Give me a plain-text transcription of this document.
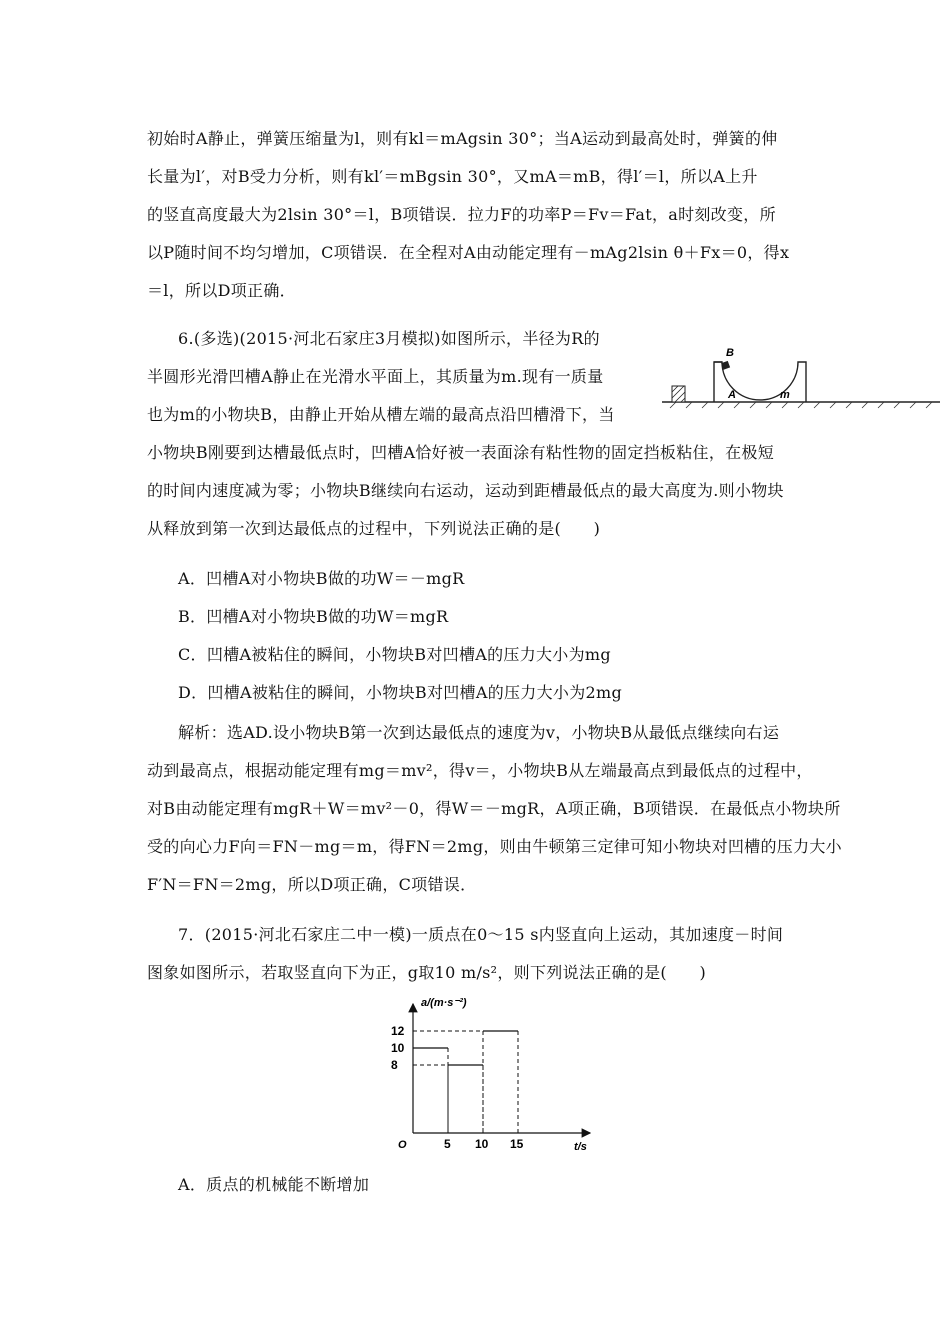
初始时A静止，弹簧压缩量为l，则有kl＝mAgsin 30°；当A运动到最高处时，弹簧的伸
长量为l′，对B受力分析，则有kl′＝mBgsin 30°，又mA＝mB，得l′＝l，所以A上升
的竖直高度最大为2lsin 30°＝l，B项错误．拉力F的功率P＝Fv＝Fat，a时刻改变，所
以P随时间不均匀增加，C项错误．在全程对A由动能定理有－mAg2lsin θ＋Fx＝0，得x
＝l，所以D项正确．
6.(多选)(2015·河北石家庄3月模拟)如图所示，半径为R的
半圆形光滑凹槽A静止在光滑水平面上，其质量为m.现有一质量
也为m的小物块B，由静止开始从槽左端的最高点沿凹槽滑下，当
小物块B刚要到达槽最低点时，凹槽A恰好被一表面涂有粘性物的固定挡板粘住，在极短
的时间内速度减为零；小物块B继续向右运动，运动到距槽最低点的最大高度为.则小物块
从释放到第一次到达最低点的过程中，下列说法正确的是(　　)
A．凹槽A对小物块B做的功W＝－mgR
B．凹槽A对小物块B做的功W＝mgR
C．凹槽A被粘住的瞬间，小物块B对凹槽A的压力大小为mg
D．凹槽A被粘住的瞬间，小物块B对凹槽A的压力大小为2mg
B
A	m
解析：选AD.设小物块B第一次到达最低点的速度为v，小物块B从最低点继续向右运
动到最高点，根据动能定理有mg＝mv²，得v＝，小物块B从左端最高点到最低点的过程中，
对B由动能定理有mgR＋W＝mv²－0，得W＝－mgR，A项正确，B项错误．在最低点小物块所
受的向心力F向＝FN－mg＝m，得FN＝2mg，则由牛顿第三定律可知小物块对凹槽的压力大小
F′N＝FN＝2mg，所以D项正确，C项错误．
7．(2015·河北石家庄二中一模)一质点在0～15 s内竖直向上运动，其加速度－时间
图象如图所示，若取竖直向下为正，g取10 m/s²，则下列说法正确的是(　　)
a/(m·s⁻²)
t/s
O
8
10
12
5 10 15
A．质点的机械能不断增加
